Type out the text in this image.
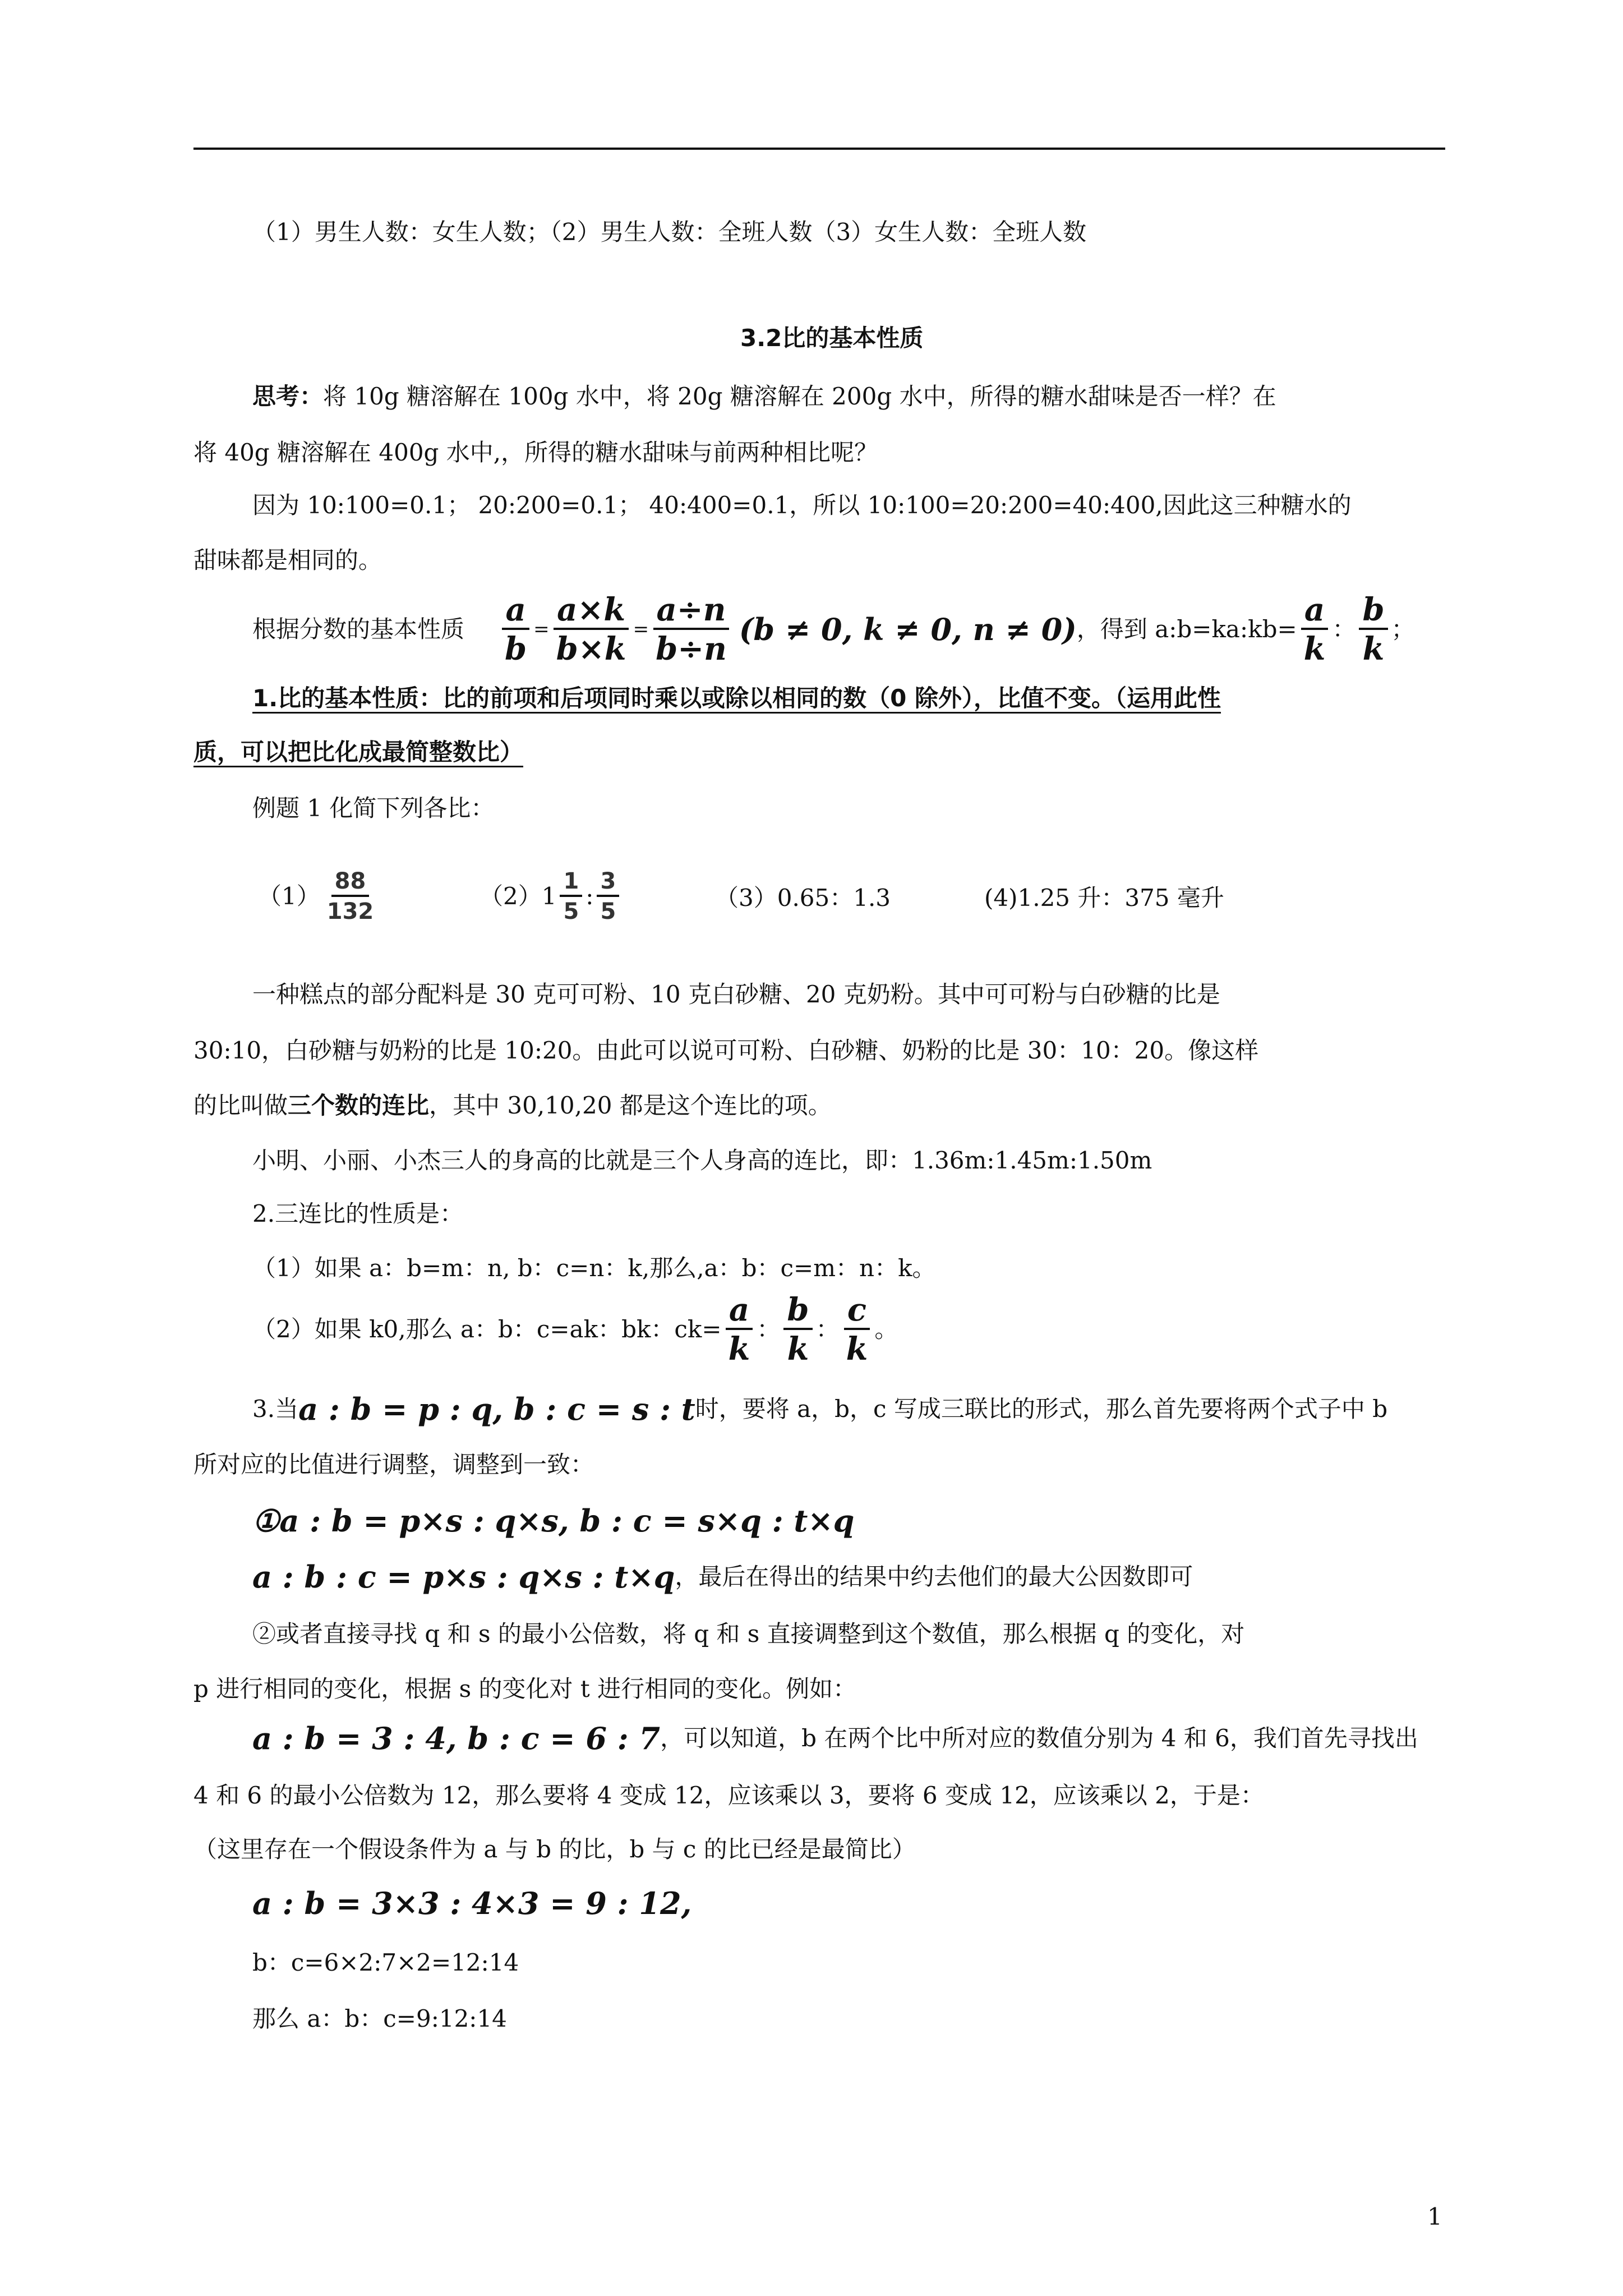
（1）男生人数：女生人数；（2）男生人数：全班人数（3）女生人数：全班人数
3.2比的基本性质
思考：将 10g 糖溶解在 100g 水中，将 20g 糖溶解在 200g 水中，所得的糖水甜味是否一样？在
将 40g 糖溶解在 400g 水中,，所得的糖水甜味与前两种相比呢？
因为 10:100=0.1； 20:200=0.1； 40:400=0.1，所以 10:100=20:200=40:400,因此这三种糖水的
甜味都是相同的。
根据分数的基本性质 $\frac{a}{b} = \frac{a\times k}{b\times k} = \frac{a\div n}{b\div n} (b \ne 0$, k ≠ 0, n ≠ 0) ，得到 a:b=ka:kb= $\frac{a}{k}$ ： $\frac{b}{k}$ ；
1.比的基本性质：比的前项和后项同时乘以或除以相同的数（0 除外），比值不变。（运用此性
质，可以把比化成最简整数比）
例题 1 化简下列各比：
$(1) \frac{88}{132}$	$(2)1 \frac{1}{5}$ : $\frac{3}{5}$	（3）0.65：1.3	(4)1.25 升：375 毫升
一种糕点的部分配料是 30 克可可粉、10 克白砂糖、20 克奶粉。其中可可粉与白砂糖的比是
30:10，白砂糖与奶粉的比是 10:20。由此可以说可可粉、白砂糖、奶粉的比是 30：10：20。像这样
的比叫做三个数的连比，其中 30,10,20 都是这个连比的项。
小明、小丽、小杰三人的身高的比就是三个人身高的连比，即：1.36m:1.45m:1.50m
2.三连比的性质是：
（1）如果 a：b=m：n, b：c=n：k,那么,a：b：c=m：n：k。
（2）如果 k0,那么 a：b：c=ak：bk：$ck= \frac{a}{k}$ ： $\frac{b}{k}$ ： $\frac{c}{k}$ 。
3.当 a : b = p : q, b : c = s : t 时，要将 a，b，c 写成三联比的形式，那么首先要将两个式子中 b
所对应的比值进行调整，调整到一致：
①a : b = p×s : q×s, b : c = s×q : t×q
a : b : c = p×s : q×s : t×q ，最后在得出的结果中约去他们的最大公因数即可
②或者直接寻找 q 和 s 的最小公倍数，将 q 和 s 直接调整到这个数值，那么根据 q 的变化，对
p 进行相同的变化，根据 s 的变化对 t 进行相同的变化。例如：
a : b = 3 : 4, b : c = 6 : 7 ，可以知道，b 在两个比中所对应的数值分别为 4 和 6，我们首先寻找出
4 和 6 的最小公倍数为 12，那么要将 4 变成 12，应该乘以 3，要将 6 变成 12，应该乘以 2，于是：
（这里存在一个假设条件为 a 与 b 的比，b 与 c 的比已经是最简比）
a : b = 3×3 : 4×3 = 9 : 12,
b：c=6×2:7×2=12:14
那么 a：b：c=9:12:14
1
